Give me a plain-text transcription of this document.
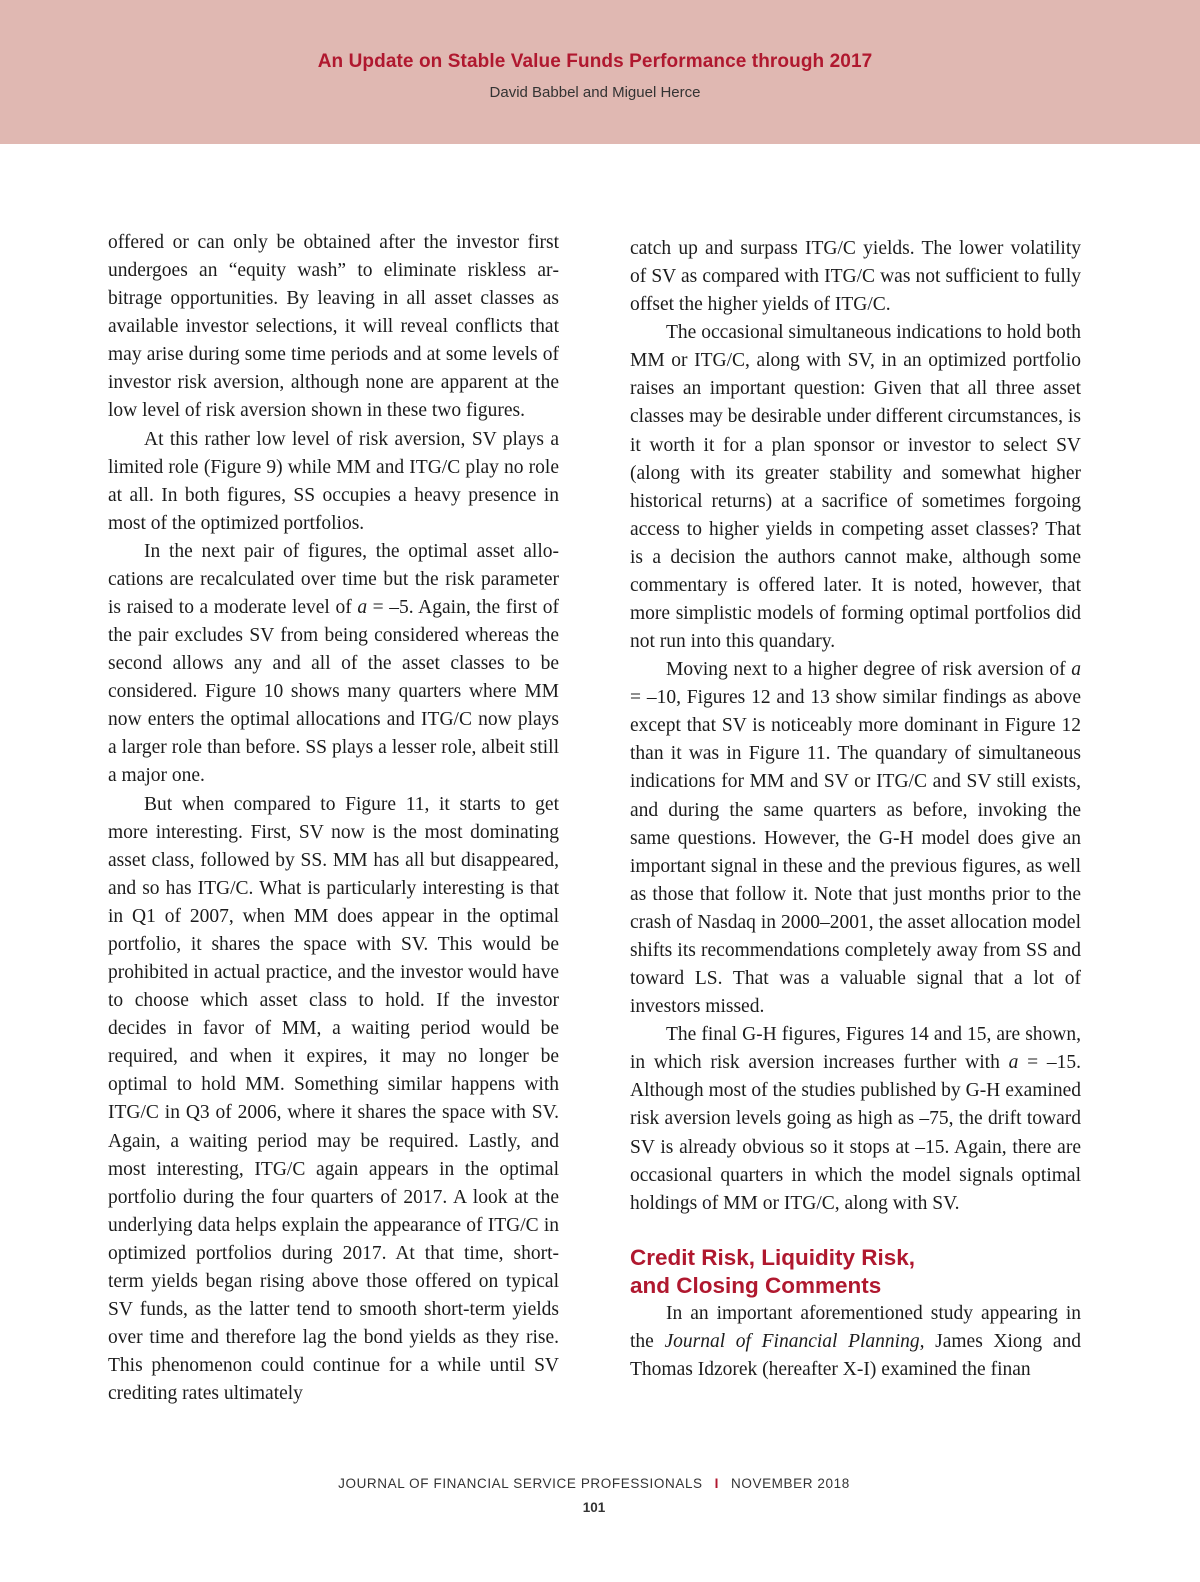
An Update on Stable Value Funds Performance through 2017
David Babbel and Miguel Herce

offered or can only be obtained after the investor first undergoes an “equity wash” to eliminate riskless arbitrage opportunities. By leaving in all asset classes as available investor selections, it will reveal conflicts that may arise during some time periods and at some levels of investor risk aversion, although none are apparent at the low level of risk aversion shown in these two figures.

At this rather low level of risk aversion, SV plays a limited role (Figure 9) while MM and ITG/C play no role at all. In both figures, SS occupies a heavy presence in most of the optimized portfolios.

In the next pair of figures, the optimal asset allocations are recalculated over time but the risk parameter is raised to a moderate level of a = –5. Again, the first of the pair excludes SV from being considered whereas the second allows any and all of the asset classes to be considered. Figure 10 shows many quarters where MM now enters the optimal allocations and ITG/C now plays a larger role than before. SS plays a lesser role, albeit still a major one.

But when compared to Figure 11, it starts to get more interesting. First, SV now is the most dominating asset class, followed by SS. MM has all but disappeared, and so has ITG/C. What is particularly interesting is that in Q1 of 2007, when MM does appear in the optimal portfolio, it shares the space with SV. This would be prohibited in actual practice, and the investor would have to choose which asset class to hold. If the investor decides in favor of MM, a waiting period would be required, and when it expires, it may no longer be optimal to hold MM. Something similar happens with ITG/C in Q3 of 2006, where it shares the space with SV. Again, a waiting period may be required. Lastly, and most interesting, ITG/C again appears in the optimal portfolio during the four quarters of 2017. A look at the underlying data helps explain the appearance of ITG/C in optimized portfolios during 2017. At that time, short-term yields began rising above those offered on typical SV funds, as the latter tend to smooth short-term yields over time and therefore lag the bond yields as they rise. This phenomenon could continue for a while until SV crediting rates ultimately

catch up and surpass ITG/C yields. The lower volatility of SV as compared with ITG/C was not sufficient to fully offset the higher yields of ITG/C.

The occasional simultaneous indications to hold both MM or ITG/C, along with SV, in an optimized portfolio raises an important question: Given that all three asset classes may be desirable under different circumstances, is it worth it for a plan sponsor or investor to select SV (along with its greater stability and somewhat higher historical returns) at a sacrifice of sometimes forgoing access to higher yields in competing asset classes? That is a decision the authors cannot make, although some commentary is offered later. It is noted, however, that more simplistic models of forming optimal portfolios did not run into this quandary.

Moving next to a higher degree of risk aversion of a = –10, Figures 12 and 13 show similar findings as above except that SV is noticeably more dominant in Figure 12 than it was in Figure 11. The quandary of simultaneous indications for MM and SV or ITG/C and SV still exists, and during the same quarters as before, invoking the same questions. However, the G-H model does give an important signal in these and the previous figures, as well as those that follow it. Note that just months prior to the crash of Nasdaq in 2000–2001, the asset allocation model shifts its recommendations completely away from SS and toward LS. That was a valuable signal that a lot of investors missed.

The final G-H figures, Figures 14 and 15, are shown, in which risk aversion increases further with a = –15. Although most of the studies published by G-H examined risk aversion levels going as high as –75, the drift toward SV is already obvious so it stops at –15. Again, there are occasional quarters in which the model signals optimal holdings of MM or ITG/C, along with SV.

Credit Risk, Liquidity Risk,
and Closing Comments

In an important aforementioned study appearing in the Journal of Financial Planning, James Xiong and Thomas Idzorek (hereafter X-I) examined the finan

JOURNAL OF FINANCIAL SERVICE PROFESSIONALS I NOVEMBER 2018
101
